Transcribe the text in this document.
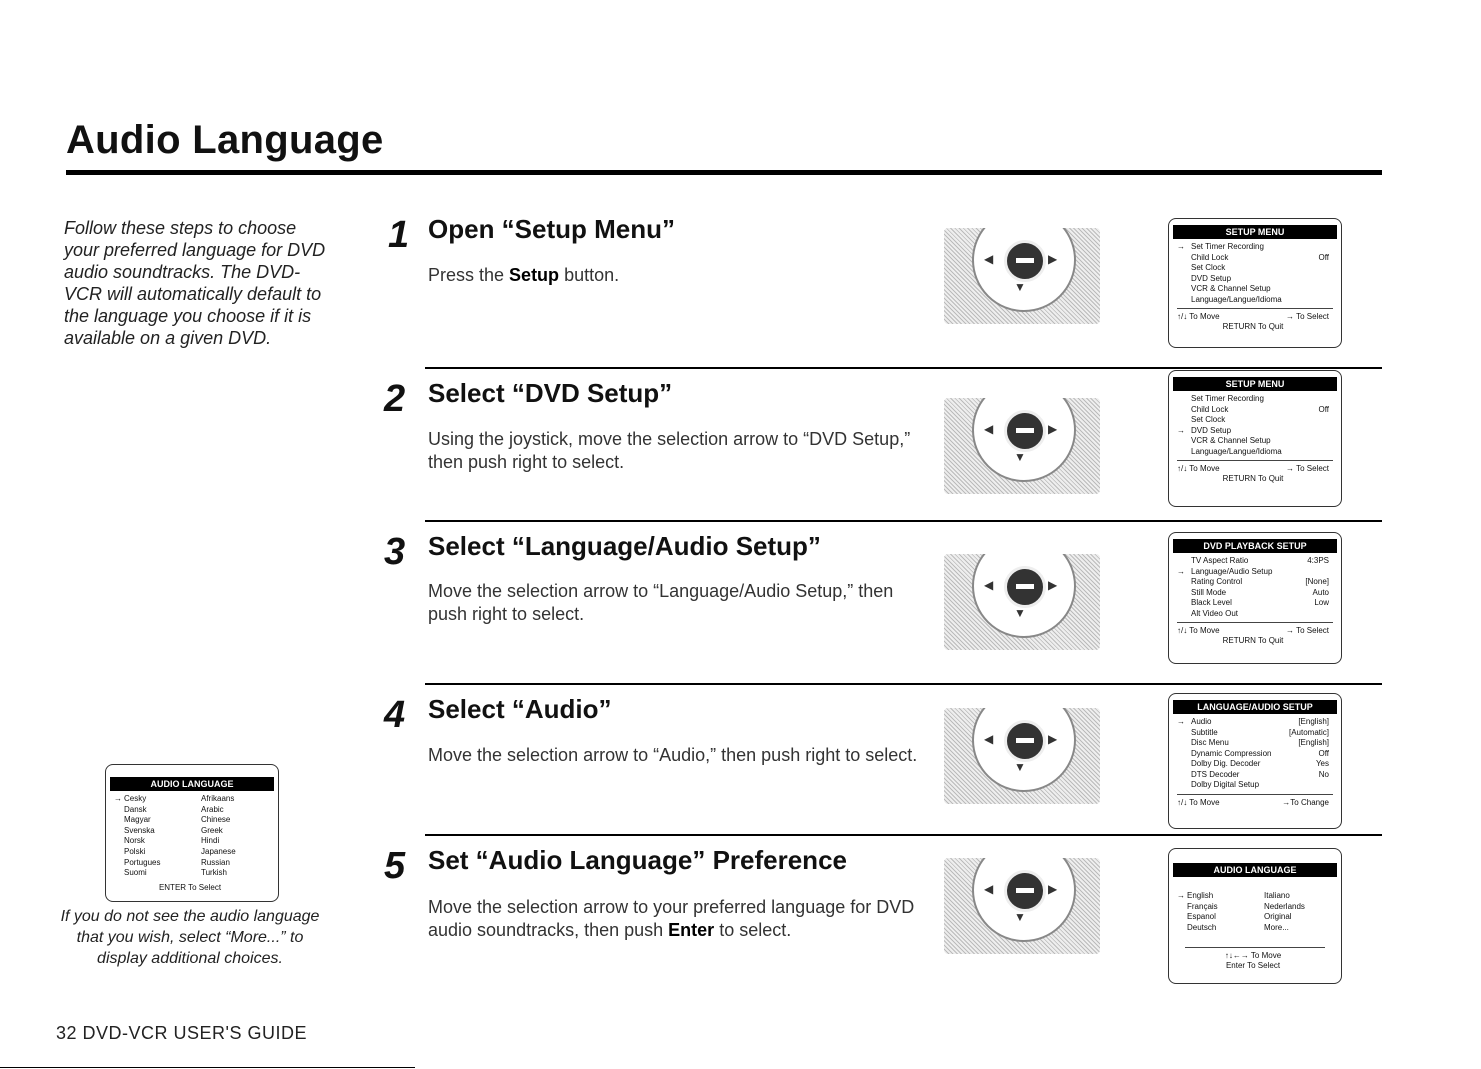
Audio Language
Follow these steps to choose your preferred language for DVD audio soundtracks. The DVD-VCR will automatically default to the language you choose if it is available on a given DVD.
1 Open “Setup Menu”
Press the Setup button.
2 Select “DVD Setup”
Using the joystick, move the selection arrow to “DVD Setup,” then push right to select.
3 Select “Language/Audio Setup”
Move the selection arrow to “Language/Audio Setup,” then push right to select.
4 Select “Audio”
Move the selection arrow to “Audio,” then push right to select.
5 Set “Audio Language” Preference
Move the selection arrow to your preferred language for DVD audio soundtracks, then push Enter to select.
▼
◀	▶
▼
◀	▶
▼
◀	▶
▼
◀	▶
▼
◀	▶
SETUP MENU
→ Set Timer Recording
Child Lock	Off
Set Clock
DVD Setup
VCR & Channel Setup
Language/Langue/Idioma
↑/↓ To Move	→ To Select
RETURN To Quit
SETUP MENU
Set Timer Recording
Child Lock	Off
Set Clock
→ DVD Setup
VCR & Channel Setup
Language/Langue/Idioma
↑/↓ To Move	→ To Select
RETURN To Quit
DVD PLAYBACK SETUP
TV Aspect Ratio	4:3PS
→ Language/Audio Setup
Rating Control	[None]
Still Mode	Auto
Black Level	Low
Alt Video Out
↑/↓ To Move	→ To Select
RETURN To Quit
LANGUAGE/AUDIO SETUP
→ Audio	[English]
Subtitle	[Automatic]
Disc Menu	[English]
Dynamic Compression	Off
Dolby Dig. Decoder	Yes
DTS Decoder	No
Dolby Digital Setup
↑/↓ To Move	→To Change
AUDIO LANGUAGE
→ English	Italiano
Français	Nederlands
Espanol	Original
Deutsch	More...
↑↓←→ To Move
Enter To Select
AUDIO LANGUAGE
→ Cesky	Afrikaans
Dansk	Arabic
Magyar	Chinese
Svenska	Greek
Norsk	Hindi
Polski	Japanese
Portugues	Russian
Suomi	Turkish
ENTER To Select
If you do not see the audio language that you wish, select “More...” to display additional choices.
32 DVD-VCR USER'S GUIDE
